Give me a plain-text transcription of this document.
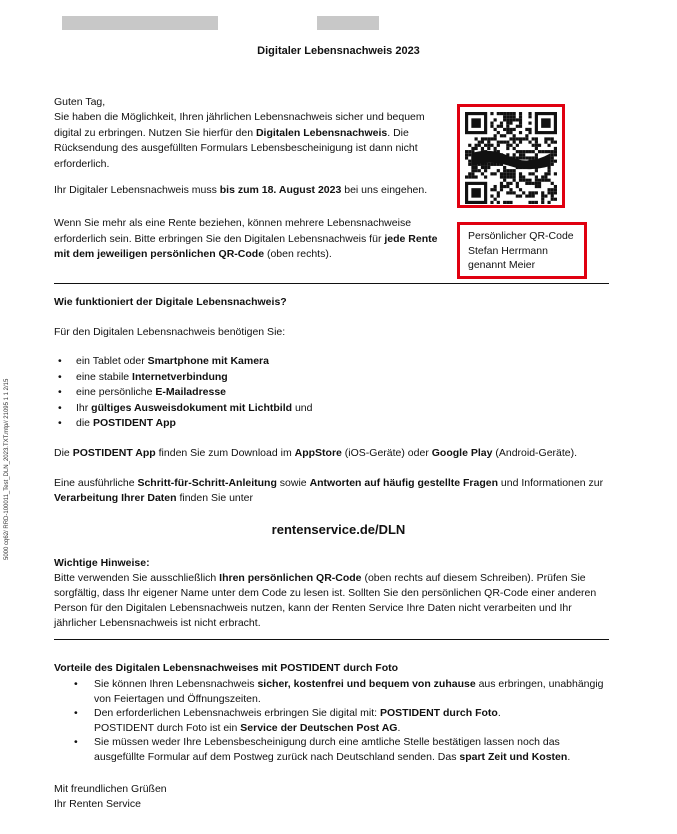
5000 cq62/ RRD-100011_Test_DLN_2023.TXT.mtp// 21095 1 1 2/15
Digitaler Lebensnachweis 2023
Guten Tag,
Sie haben die Möglichkeit, Ihren jährlichen Lebensnachweis sicher und bequem digital zu erbringen. Nutzen Sie hierfür den Digitalen Lebensnachweis. Die Rücksendung des ausgefüllten Formulars Lebensbescheinigung ist dann nicht erforderlich.
Ihr Digitaler Lebensnachweis muss bis zum 18. August 2023 bei uns eingehen.
Wenn Sie mehr als eine Rente beziehen, können mehrere Lebensnachweise erforderlich sein. Bitte erbringen Sie den Digitalen Lebensnachweis für jede Rente mit dem jeweiligen persönlichen QR-Code (oben rechts).
Persönlicher QR-Code
Stefan Herrmann
genannt Meier
Wie funktioniert der Digitale Lebensnachweis?
Für den Digitalen Lebensnachweis benötigen Sie:
• ein Tablet oder Smartphone mit Kamera
• eine stabile Internetverbindung
• eine persönliche E-Mailadresse
• Ihr gültiges Ausweisdokument mit Lichtbild und
• die POSTIDENT App
Die POSTIDENT App finden Sie zum Download im AppStore (iOS-Geräte) oder Google Play (Android-Geräte).
Eine ausführliche Schritt-für-Schritt-Anleitung sowie Antworten auf häufig gestellte Fragen und Informationen zur Verarbeitung Ihrer Daten finden Sie unter
rentenservice.de/DLN
Wichtige Hinweise:
Bitte verwenden Sie ausschließlich Ihren persönlichen QR-Code (oben rechts auf diesem Schreiben). Prüfen Sie sorgfältig, dass Ihr eigener Name unter dem Code zu lesen ist. Sollten Sie den persönlichen QR-Code einer anderen Person für den Digitalen Lebensnachweis nutzen, kann der Renten Service Ihre Daten nicht verarbeiten und Ihr jährlicher Lebensnachweis ist nicht erbracht.
Vorteile des Digitalen Lebensnachweises mit POSTIDENT durch Foto
• Sie können Ihren Lebensnachweis sicher, kostenfrei und bequem von zuhause aus erbringen, unabhängig von Feiertagen und Öffnungszeiten.
• Den erforderlichen Lebensnachweis erbringen Sie digital mit: POSTIDENT durch Foto.
POSTIDENT durch Foto ist ein Service der Deutschen Post AG.
• Sie müssen weder Ihre Lebensbescheinigung durch eine amtliche Stelle bestätigen lassen noch das ausgefüllte Formular auf dem Postweg zurück nach Deutschland senden. Das spart Zeit und Kosten.
Mit freundlichen Grüßen
Ihr Renten Service
